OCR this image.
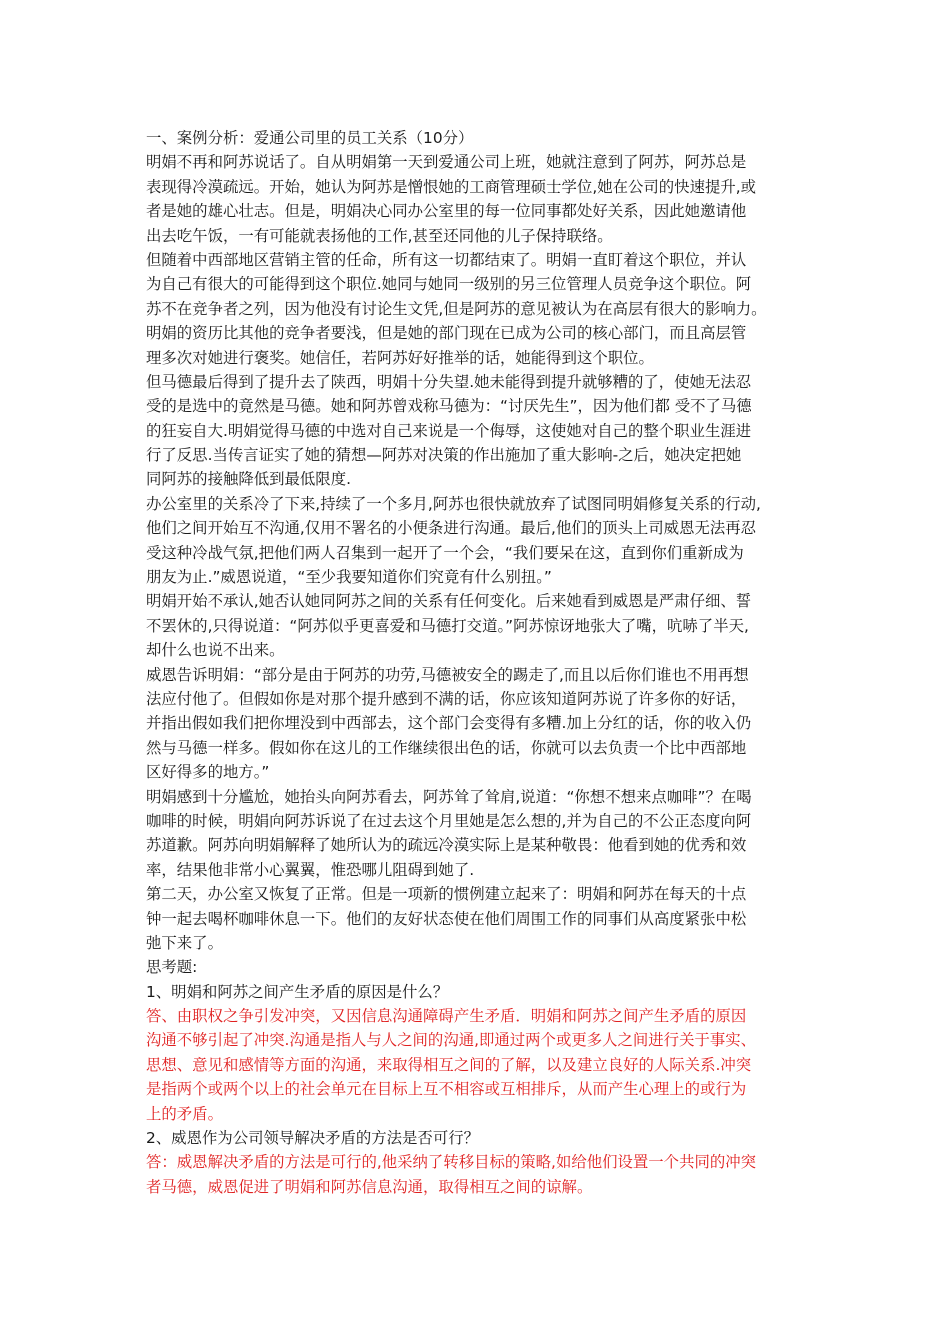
一、案例分析：爱通公司里的员工关系（10分）
明娟不再和阿苏说话了。自从明娟第一天到爱通公司上班，她就注意到了阿苏，阿苏总是
表现得冷漠疏远。开始，她认为阿苏是憎恨她的工商管理硕士学位,她在公司的快速提升,或
者是她的雄心壮志。但是，明娟决心同办公室里的每一位同事都处好关系，因此她邀请他
出去吃午饭，一有可能就表扬他的工作,甚至还同他的儿子保持联络。
但随着中西部地区营销主管的任命，所有这一切都结束了。明娟一直盯着这个职位，并认
为自己有很大的可能得到这个职位.她同与她同一级别的另三位管理人员竞争这个职位。阿
苏不在竞争者之列，因为他没有讨论生文凭,但是阿苏的意见被认为在高层有很大的影响力。
明娟的资历比其他的竞争者要浅，但是她的部门现在已成为公司的核心部门，而且高层管
理多次对她进行褒奖。她信任，若阿苏好好推举的话，她能得到这个职位。
但马德最后得到了提升去了陕西，明娟十分失望.她未能得到提升就够糟的了，使她无法忍
受的是选中的竟然是马德。她和阿苏曾戏称马德为：“讨厌先生”，因为他们都 受不了马德
的狂妄自大.明娟觉得马德的中选对自己来说是一个侮辱，这使她对自己的整个职业生涯进
行了反思.当传言证实了她的猜想—阿苏对决策的作出施加了重大影响-之后，她决定把她
同阿苏的接触降低到最低限度.
办公室里的关系冷了下来,持续了一个多月,阿苏也很快就放弃了试图同明娟修复关系的行动,
他们之间开始互不沟通,仅用不署名的小便条进行沟通。最后,他们的顶头上司威恩无法再忍
受这种冷战气氛,把他们两人召集到一起开了一个会，“我们要呆在这，直到你们重新成为
朋友为止.”威恩说道，“至少我要知道你们究竟有什么别扭。”
明娟开始不承认,她否认她同阿苏之间的关系有任何变化。后来她看到威恩是严肃仔细、誓
不罢休的,只得说道：“阿苏似乎更喜爱和马德打交道。”阿苏惊讶地张大了嘴，吭哧了半天,
却什么也说不出来。
威恩告诉明娟：“部分是由于阿苏的功劳,马德被安全的踢走了,而且以后你们谁也不用再想
法应付他了。但假如你是对那个提升感到不满的话，你应该知道阿苏说了许多你的好话，
并指出假如我们把你埋没到中西部去，这个部门会变得有多糟.加上分红的话，你的收入仍
然与马德一样多。假如你在这儿的工作继续很出色的话，你就可以去负责一个比中西部地
区好得多的地方。”
明娟感到十分尴尬，她抬头向阿苏看去，阿苏耸了耸肩,说道：“你想不想来点咖啡”？在喝
咖啡的时候，明娟向阿苏诉说了在过去这个月里她是怎么想的,并为自己的不公正态度向阿
苏道歉。阿苏向明娟解释了她所认为的疏远冷漠实际上是某种敬畏：他看到她的优秀和效
率，结果他非常小心翼翼，惟恐哪儿阻碍到她了.
第二天，办公室又恢复了正常。但是一项新的惯例建立起来了：明娟和阿苏在每天的十点
钟一起去喝杯咖啡休息一下。他们的友好状态使在他们周围工作的同事们从高度紧张中松
弛下来了。
思考题:
1、明娟和阿苏之间产生矛盾的原因是什么？
答、由职权之争引发冲突，又因信息沟通障碍产生矛盾．明娟和阿苏之间产生矛盾的原因
沟通不够引起了冲突.沟通是指人与人之间的沟通,即通过两个或更多人之间进行关于事实、
思想、意见和感情等方面的沟通，来取得相互之间的了解，以及建立良好的人际关系.冲突
是指两个或两个以上的社会单元在目标上互不相容或互相排斥，从而产生心理上的或行为
上的矛盾。
2、威恩作为公司领导解决矛盾的方法是否可行？
答：威恩解决矛盾的方法是可行的,他采纳了转移目标的策略,如给他们设置一个共同的冲突
者马德，威恩促进了明娟和阿苏信息沟通，取得相互之间的谅解。
